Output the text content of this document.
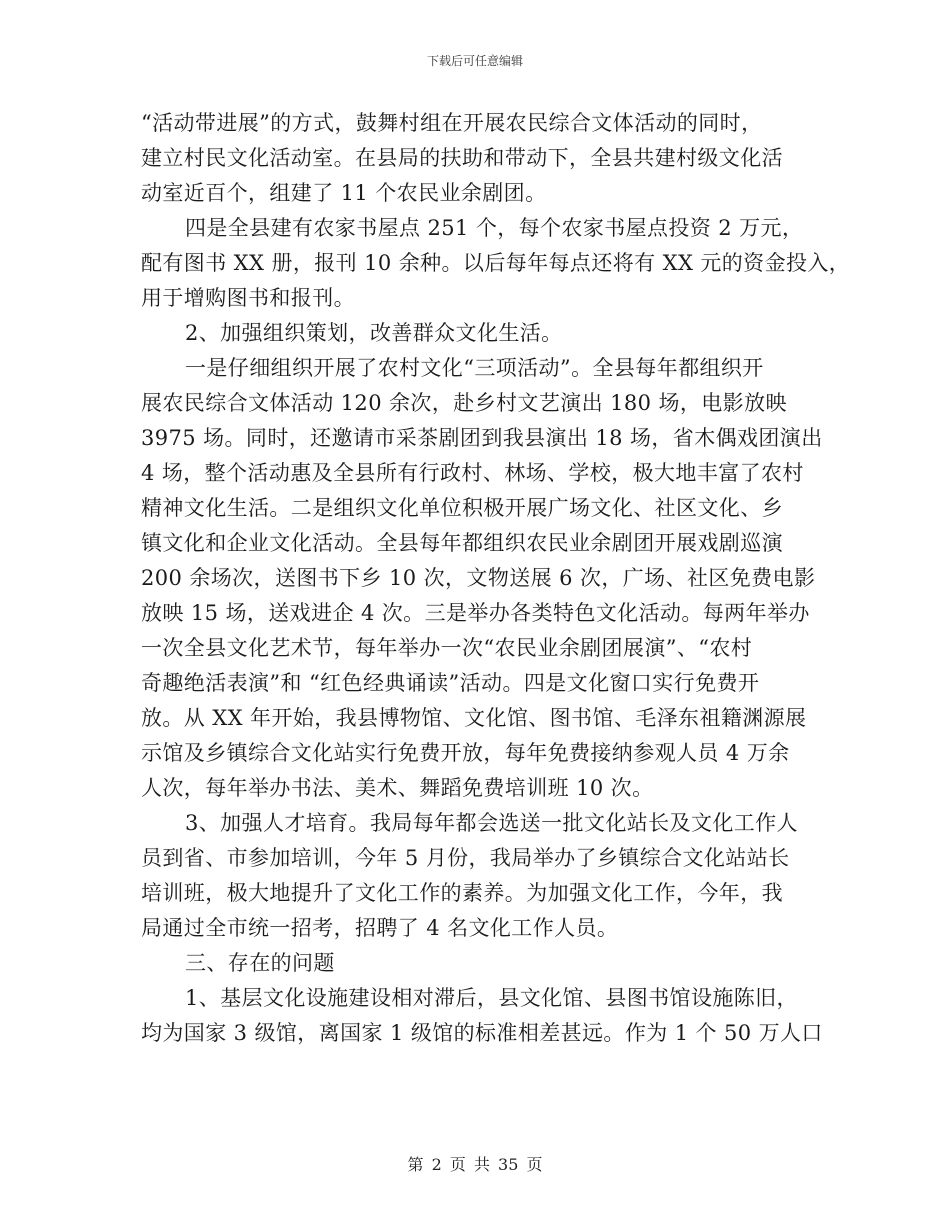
下载后可任意编辑
“活动带进展”的方式，鼓舞村组在开展农民综合文体活动的同时，
建立村民文化活动室。在县局的扶助和带动下，全县共建村级文化活
动室近百个，组建了 11 个农民业余剧团。
四是全县建有农家书屋点 251 个，每个农家书屋点投资 2 万元，
配有图书 XX 册，报刊 10 余种。以后每年每点还将有 XX 元的资金投入，
用于增购图书和报刊。
2、加强组织策划，改善群众文化生活。
一是仔细组织开展了农村文化“三项活动”。全县每年都组织开
展农民综合文体活动 120 余次，赴乡村文艺演出 180 场，电影放映
3975 场。同时，还邀请市采茶剧团到我县演出 18 场，省木偶戏团演出
4 场，整个活动惠及全县所有行政村、林场、学校，极大地丰富了农村
精神文化生活。二是组织文化单位积极开展广场文化、社区文化、乡
镇文化和企业文化活动。全县每年都组织农民业余剧团开展戏剧巡演
200 余场次，送图书下乡 10 次，文物送展 6 次，广场、社区免费电影
放映 15 场，送戏进企 4 次。三是举办各类特色文化活动。每两年举办
一次全县文化艺术节，每年举办一次“农民业余剧团展演”、“农村
奇趣绝活表演”和 “红色经典诵读”活动。四是文化窗口实行免费开
放。从 XX 年开始，我县博物馆、文化馆、图书馆、毛泽东祖籍渊源展
示馆及乡镇综合文化站实行免费开放，每年免费接纳参观人员 4 万余
人次，每年举办书法、美术、舞蹈免费培训班 10 次。
3、加强人才培育。我局每年都会选送一批文化站长及文化工作人
员到省、市参加培训，今年 5 月份，我局举办了乡镇综合文化站站长
培训班，极大地提升了文化工作的素养。为加强文化工作，今年，我
局通过全市统一招考，招聘了 4 名文化工作人员。
三、存在的问题
1、基层文化设施建设相对滞后，县文化馆、县图书馆设施陈旧，
均为国家 3 级馆，离国家 1 级馆的标准相差甚远。作为 1 个 50 万人口
第 2 页 共 35 页
